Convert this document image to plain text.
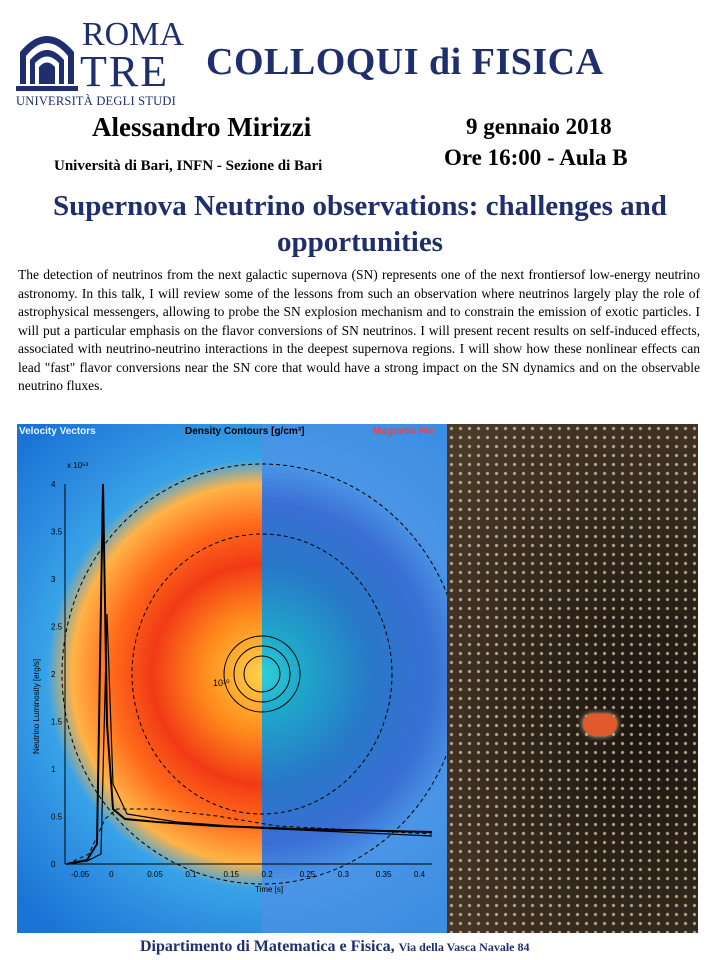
ROMA
TRE
UNIVERSITÀ DEGLI STUDI
COLLOQUI di FISICA
Alessandro Mirizzi
Università di Bari, INFN - Sezione di Bari
9 gennaio 2018
Ore 16:00 - Aula B
Supernova Neutrino observations: challenges and opportunities
The detection of neutrinos from the next galactic supernova (SN) represents one of the next frontiersof low-energy neutrino astronomy. In this talk, I will review some of the lessons from such an observation where neutrinos largely play the role of astrophysical messengers, allowing to probe the SN explosion mechanism and to constrain the emission of exotic particles. I will put a particular emphasis on the flavor conversions of SN neutrinos. I will present recent results on self-induced effects, associated with neutrino-neutrino interactions in the deepest supernova regions. I will show how these nonlinear effects can lead "fast" flavor conversions near the SN core that would have a strong impact on the SN dynamics and on the observable neutrino fluxes.
10¹⁰
0
0.5
1
1.5
2
2.5
3
3.5
4
-0.05 0	0.05	0.1	0.15	0.2	0.25	0.3	0.35	0.4
x 10⁵³
Neutrino Luminosity [erg/s]
Time [s]
Velocity Vectors	Density Contours [g/cm³]	Magnetic Fie
Dipartimento di Matematica e Fisica, Via della Vasca Navale 84
